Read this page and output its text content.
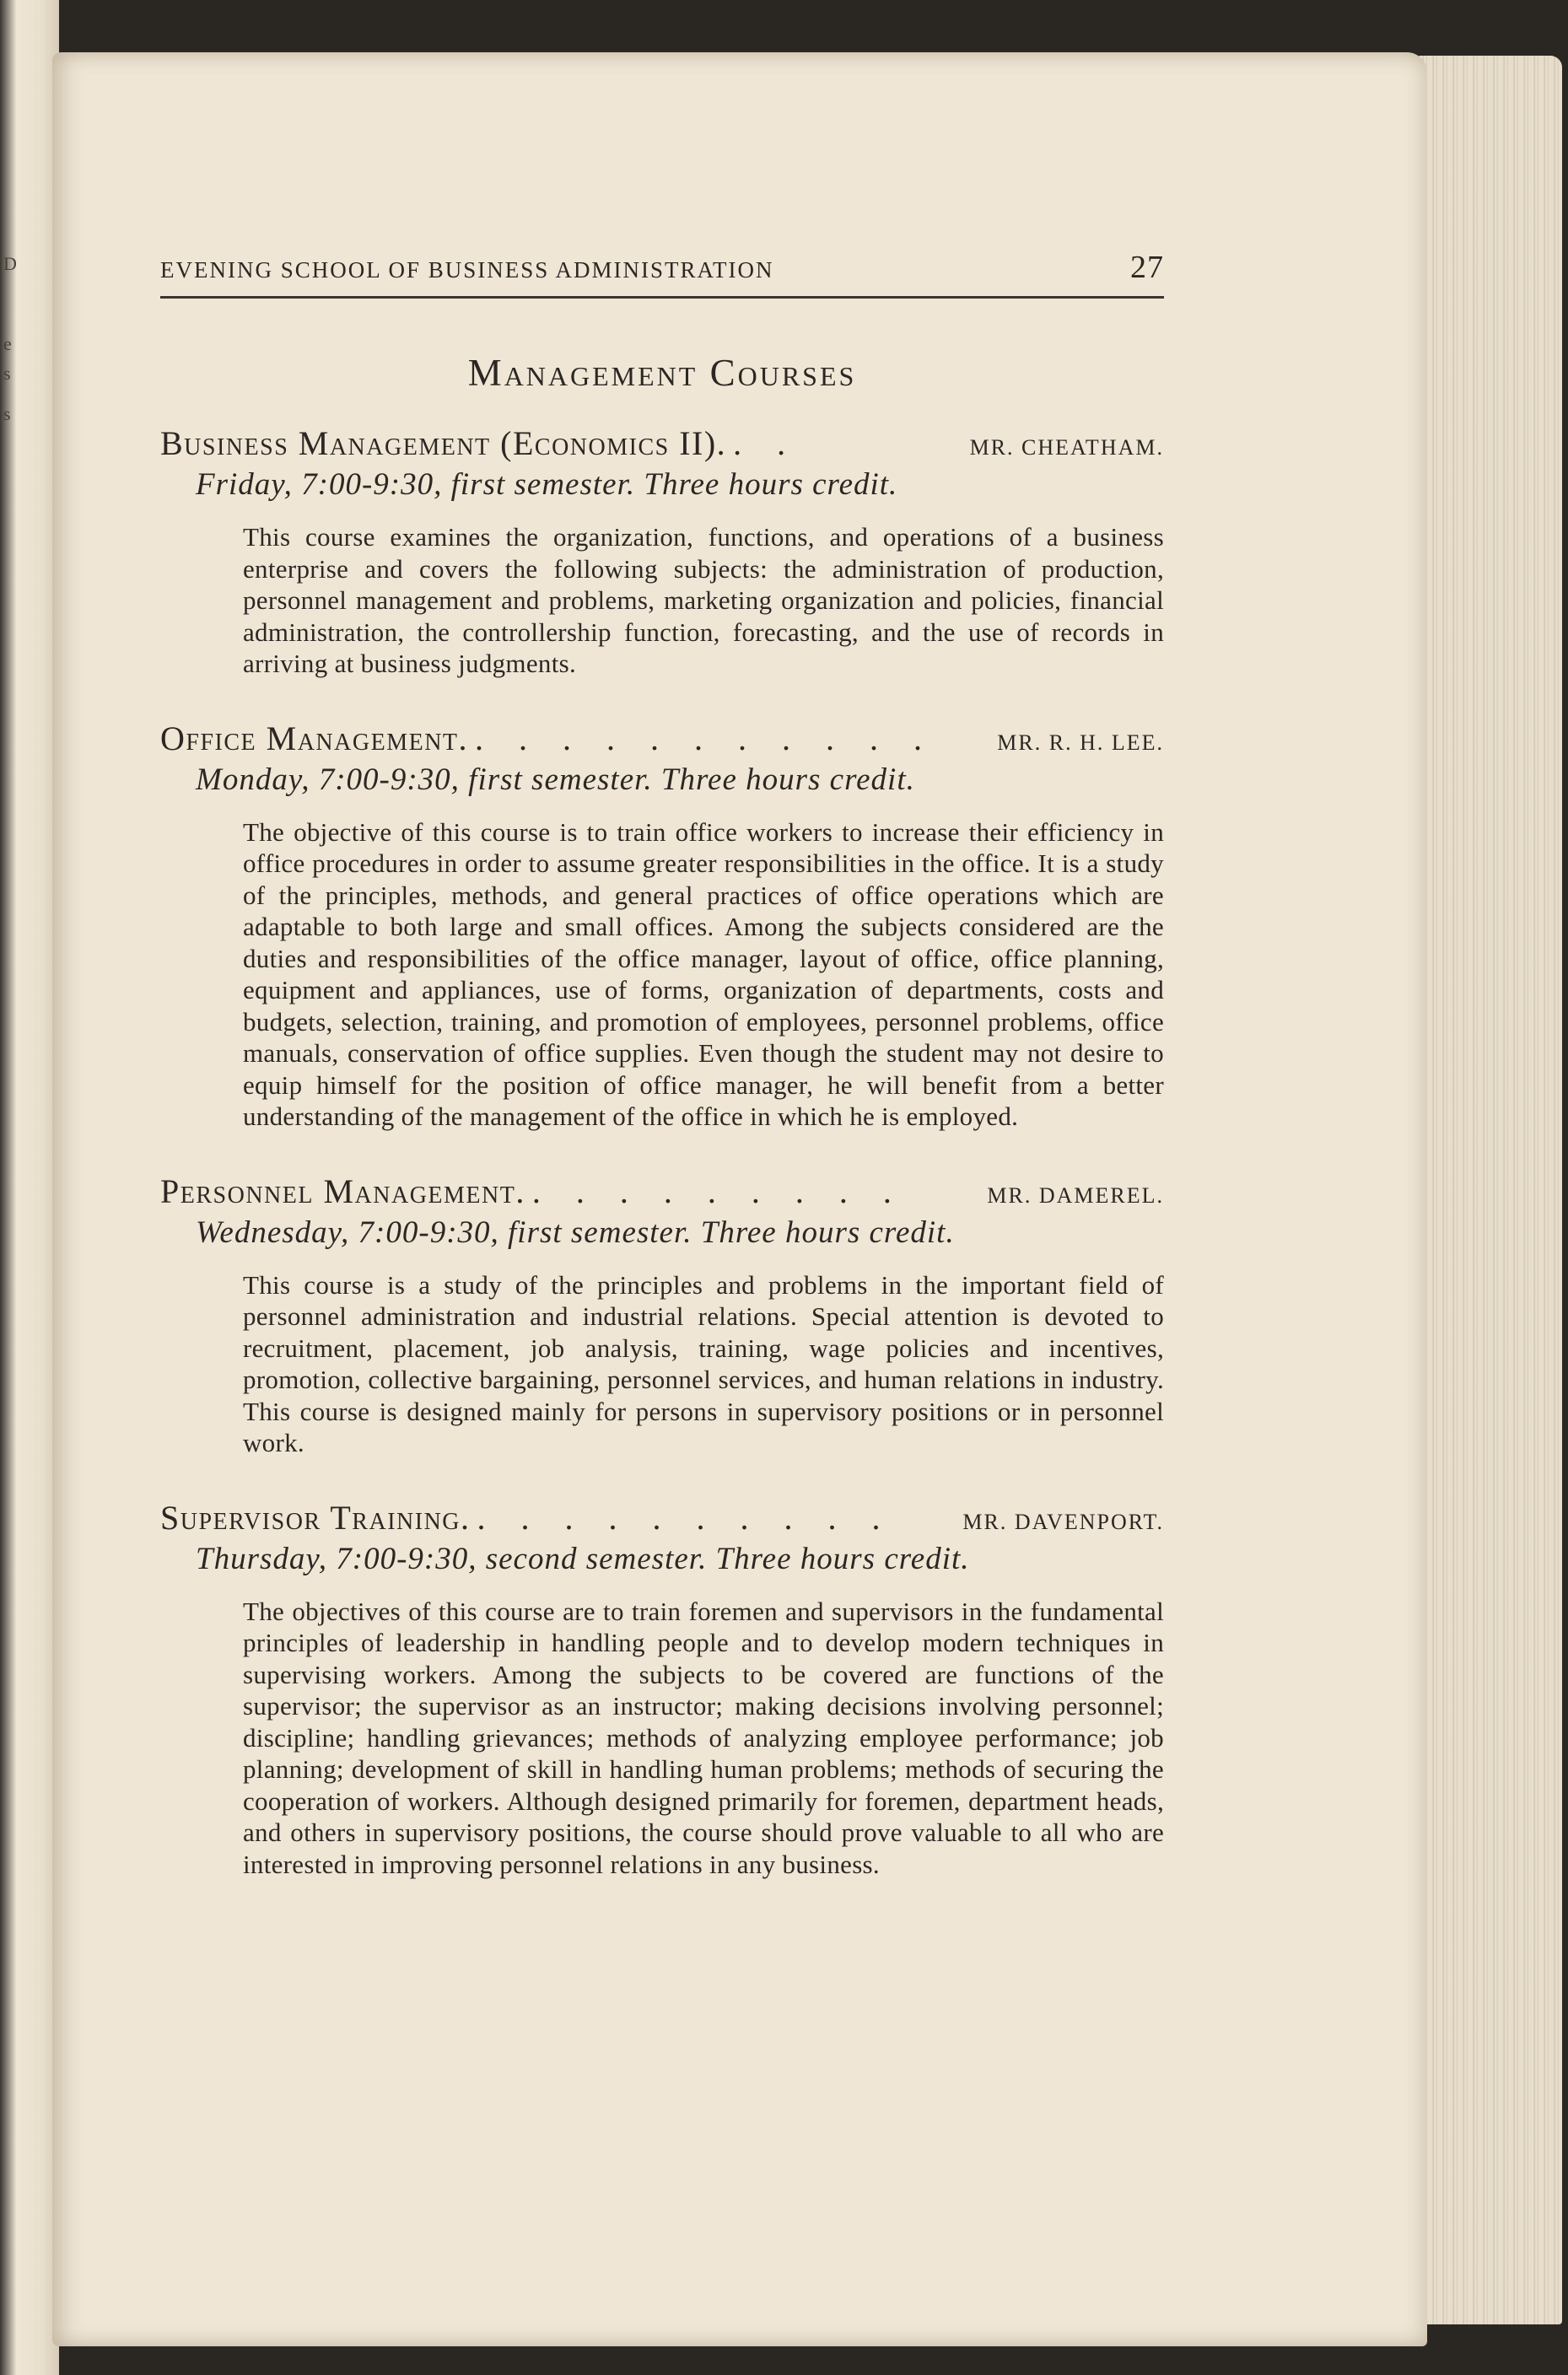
D
e
s
s
EVENING SCHOOL OF BUSINESS ADMINISTRATION	27
Management Courses
Business Management (Economics II). . .	MR. CHEATHAM.
Friday, 7:00-9:30, first semester. Three hours credit.
This course examines the organization, functions, and operations of a business enterprise and covers the following subjects: the administration of production, personnel management and problems, marketing organization and policies, financial administration, the controllership function, forecasting, and the use of records in arriving at business judgments.
Office Management. . . . . . . . . . . .	MR. R. H. LEE.
Monday, 7:00-9:30, first semester. Three hours credit.
The objective of this course is to train office workers to increase their efficiency in office procedures in order to assume greater responsibilities in the office. It is a study of the principles, methods, and general practices of office operations which are adaptable to both large and small offices. Among the subjects considered are the duties and responsibilities of the office manager, layout of office, office planning, equipment and appliances, use of forms, organization of departments, costs and budgets, selection, training, and promotion of employees, personnel problems, office manuals, conservation of office supplies. Even though the student may not desire to equip himself for the position of office manager, he will benefit from a better understanding of the management of the office in which he is employed.
Personnel Management. . . . . . . . . .	MR. DAMEREL.
Wednesday, 7:00-9:30, first semester. Three hours credit.
This course is a study of the principles and problems in the important field of personnel administration and industrial relations. Special attention is devoted to recruitment, placement, job analysis, training, wage policies and incentives, promotion, collective bargaining, personnel services, and human relations in industry. This course is designed mainly for persons in supervisory positions or in personnel work.
Supervisor Training. . . . . . . . . . .	MR. DAVENPORT.
Thursday, 7:00-9:30, second semester. Three hours credit.
The objectives of this course are to train foremen and supervisors in the fundamental principles of leadership in handling people and to develop modern techniques in supervising workers. Among the subjects to be covered are functions of the supervisor; the supervisor as an instructor; making decisions involving personnel; discipline; handling grievances; methods of analyzing employee performance; job planning; development of skill in handling human problems; methods of securing the cooperation of workers. Although designed primarily for foremen, department heads, and others in supervisory positions, the course should prove valuable to all who are interested in improving personnel relations in any business.
